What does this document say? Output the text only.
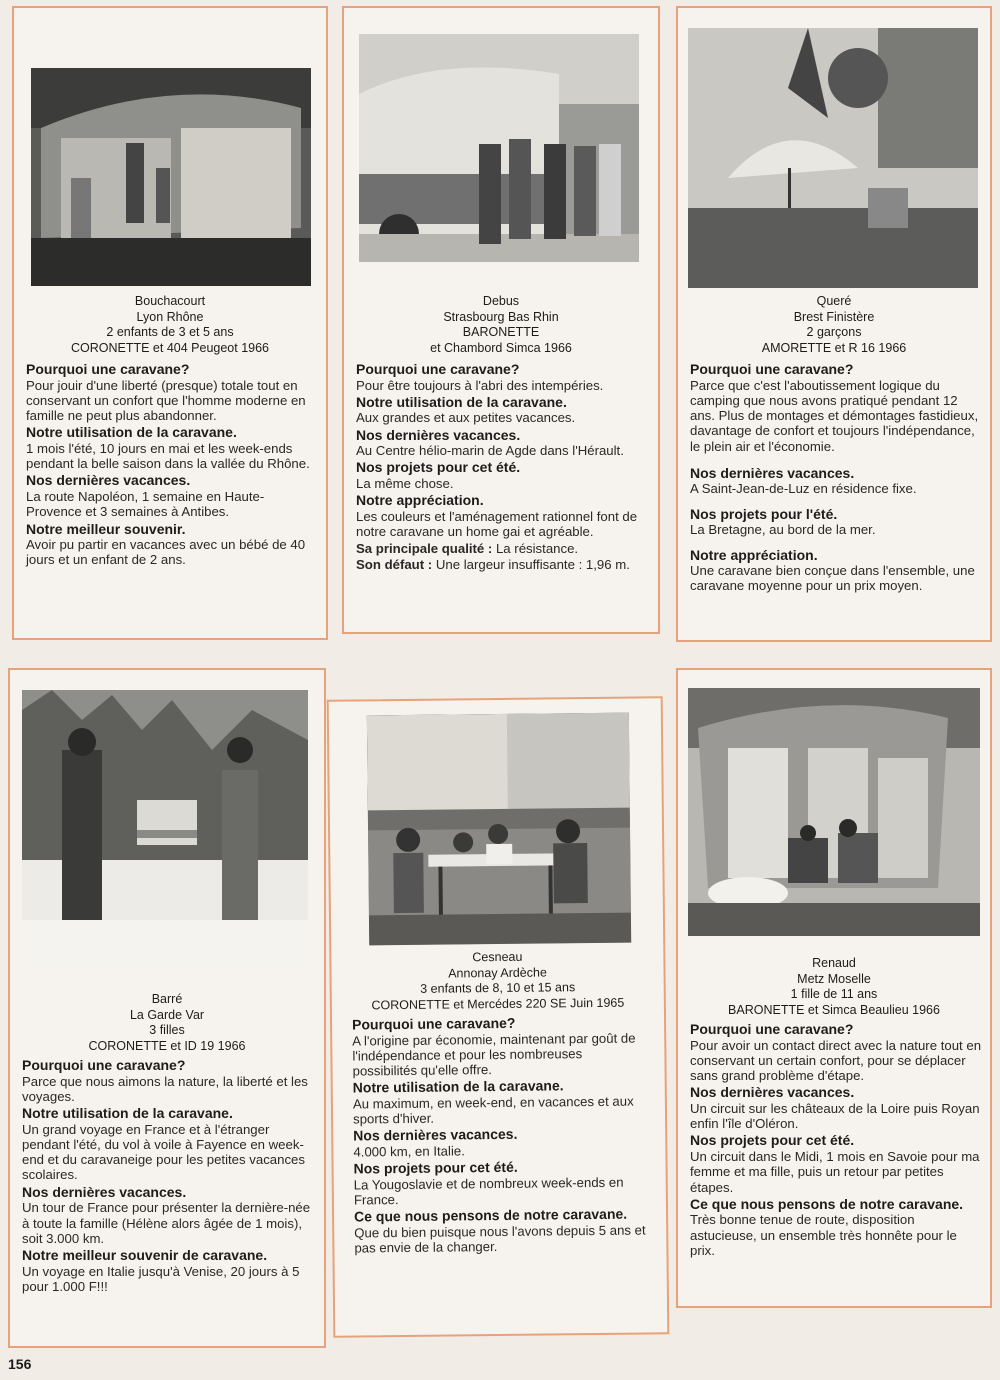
Bouchacourt
Lyon Rhône
2 enfants de 3 et 5 ans
CORONETTE et 404 Peugeot 1966
Pourquoi une caravane?
Pour jouir d'une liberté (presque) totale tout en conservant un confort que l'homme moderne en famille ne peut plus abandonner.
Notre utilisation de la caravane.
1 mois l'été, 10 jours en mai et les week-ends pendant la belle saison dans la vallée du Rhône.
Nos dernières vacances.
La route Napoléon, 1 semaine en Haute-Provence et 3 semaines à Antibes.
Notre meilleur souvenir.
Avoir pu partir en vacances avec un bébé de 40 jours et un enfant de 2 ans.
Debus
Strasbourg Bas Rhin
BARONETTE
et Chambord Simca 1966
Pourquoi une caravane?
Pour être toujours à l'abri des intempéries.
Notre utilisation de la caravane.
Aux grandes et aux petites vacances.
Nos dernières vacances.
Au Centre hélio-marin de Agde dans l'Hérault.
Nos projets pour cet été.
La même chose.
Notre appréciation.
Les couleurs et l'aménagement rationnel font de notre caravane un home gai et agréable.
Sa principale qualité : La résistance.
Son défaut : Une largeur insuffisante : 1,96 m.
Queré
Brest Finistère
2 garçons
AMORETTE et R 16 1966
Pourquoi une caravane?
Parce que c'est l'aboutissement logique du camping que nous avons pratiqué pendant 12 ans. Plus de montages et démontages fastidieux, davantage de confort et toujours l'indépendance, le plein air et l'économie.
Nos dernières vacances.
A Saint-Jean-de-Luz en résidence fixe.
Nos projets pour l'été.
La Bretagne, au bord de la mer.
Notre appréciation.
Une caravane bien conçue dans l'ensemble, une caravane moyenne pour un prix moyen.
Barré
La Garde Var
3 filles
CORONETTE et ID 19 1966
Pourquoi une caravane?
Parce que nous aimons la nature, la liberté et les voyages.
Notre utilisation de la caravane.
Un grand voyage en France et à l'étranger pendant l'été, du vol à voile à Fayence en week-end et du caravaneige pour les petites vacances scolaires.
Nos dernières vacances.
Un tour de France pour présenter la dernière-née à toute la famille (Hélène alors âgée de 1 mois), soit 3.000 km.
Notre meilleur souvenir de caravane.
Un voyage en Italie jusqu'à Venise, 20 jours à 5 pour 1.000 F!!!
Cesneau
Annonay Ardèche
3 enfants de 8, 10 et 15 ans
CORONETTE et Mercédes 220 SE Juin 1965
Pourquoi une caravane?
A l'origine par économie, maintenant par goût de l'indépendance et pour les nombreuses possibilités qu'elle offre.
Notre utilisation de la caravane.
Au maximum, en week-end, en vacances et aux sports d'hiver.
Nos dernières vacances.
4.000 km, en Italie.
Nos projets pour cet été.
La Yougoslavie et de nombreux week-ends en France.
Ce que nous pensons de notre caravane.
Que du bien puisque nous l'avons depuis 5 ans et pas envie de la changer.
Renaud
Metz Moselle
1 fille de 11 ans
BARONETTE et Simca Beaulieu 1966
Pourquoi une caravane?
Pour avoir un contact direct avec la nature tout en conservant un certain confort, pour se déplacer sans grand problème d'étape.
Nos dernières vacances.
Un circuit sur les châteaux de la Loire puis Royan enfin l'île d'Oléron.
Nos projets pour cet été.
Un circuit dans le Midi, 1 mois en Savoie pour ma femme et ma fille, puis un retour par petites étapes.
Ce que nous pensons de notre caravane.
Très bonne tenue de route, disposition astucieuse, un ensemble très honnête pour le prix.
156
